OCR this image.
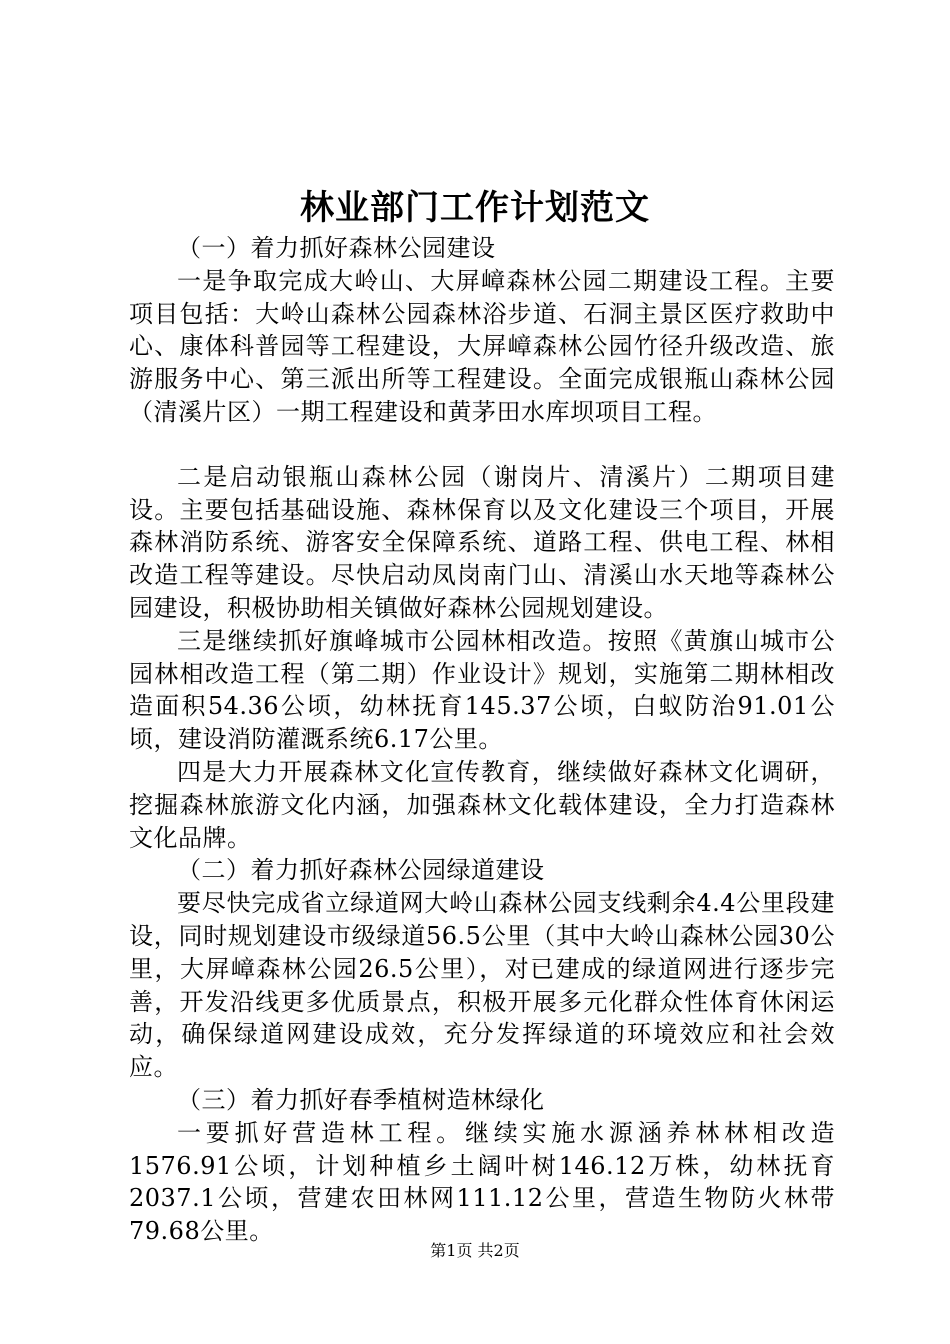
林业部门工作计划范文

（一）着力抓好森林公园建设

一是争取完成大岭山、大屏嶂森林公园二期建设工程。主要项目包括：大岭山森林公园森林浴步道、石洞主景区医疗救助中心、康体科普园等工程建设，大屏嶂森林公园竹径升级改造、旅游服务中心、第三派出所等工程建设。全面完成银瓶山森林公园（清溪片区）一期工程建设和黄茅田水库坝项目工程。

二是启动银瓶山森林公园（谢岗片、清溪片）二期项目建设。主要包括基础设施、森林保育以及文化建设三个项目，开展森林消防系统、游客安全保障系统、道路工程、供电工程、林相改造工程等建设。尽快启动凤岗南门山、清溪山水天地等森林公园建设，积极协助相关镇做好森林公园规划建设。

三是继续抓好旗峰城市公园林相改造。按照《黄旗山城市公园林相改造工程（第二期）作业设计》规划，实施第二期林相改造面积54.36公顷，幼林抚育145.37公顷，白蚁防治91.01公顷，建设消防灌溉系统6.17公里。

四是大力开展森林文化宣传教育，继续做好森林文化调研，挖掘森林旅游文化内涵，加强森林文化载体建设，全力打造森林文化品牌。

（二）着力抓好森林公园绿道建设

要尽快完成省立绿道网大岭山森林公园支线剩余4.4公里段建设，同时规划建设市级绿道56.5公里（其中大岭山森林公园30公里，大屏嶂森林公园26.5公里），对已建成的绿道网进行逐步完善，开发沿线更多优质景点，积极开展多元化群众性体育休闲运动，确保绿道网建设成效，充分发挥绿道的环境效应和社会效应。

（三）着力抓好春季植树造林绿化

一要抓好营造林工程。继续实施水源涵养林林相改造1576.91公顷，计划种植乡土阔叶树146.12万株，幼林抚育2037.1公顷，营建农田林网111.12公里，营造生物防火林带79.68公里。

第1页 共2页
